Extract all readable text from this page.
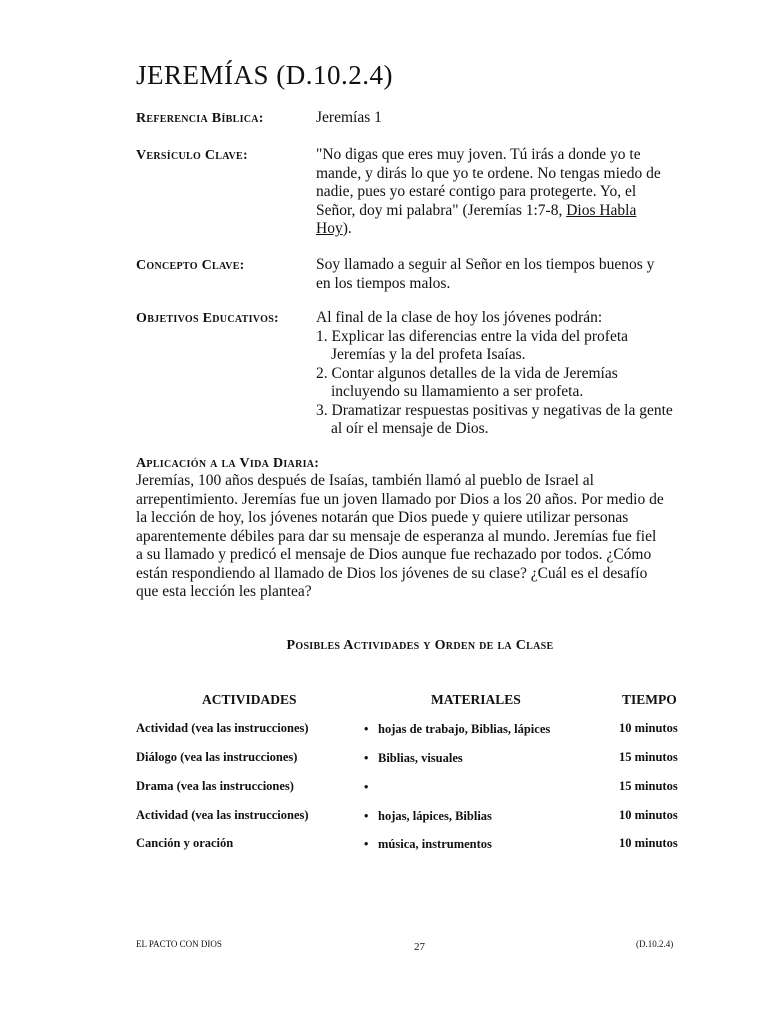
JEREMÍAS (D.10.2.4)
Referencia Bíblica:	Jeremías 1
Versículo Clave:	"No digas que eres muy joven. Tú irás a donde yo te
mande, y dirás lo que yo te ordene. No tengas miedo de
nadie, pues yo estaré contigo para protegerte. Yo, el
Señor, doy mi palabra" (Jeremías 1:7-8, Dios Habla
Hoy).
Concepto Clave:	Soy llamado a seguir al Señor en los tiempos buenos y
en los tiempos malos.
Objetivos Educativos: Al final de la clase de hoy los jóvenes podrán:
1. Explicar las diferencias entre la vida del profeta
Jeremías y la del profeta Isaías.
2. Contar algunos detalles de la vida de Jeremías
incluyendo su llamamiento a ser profeta.
3. Dramatizar respuestas positivas y negativas de la gente
al oír el mensaje de Dios.
Aplicación a la Vida Diaria:
Jeremías, 100 años después de Isaías, también llamó al pueblo de Israel al
arrepentimiento. Jeremías fue un joven llamado por Dios a los 20 años. Por medio de
la lección de hoy, los jóvenes notarán que Dios puede y quiere utilizar personas
aparentemente débiles para dar su mensaje de esperanza al mundo. Jeremías fue fiel
a su llamado y predicó el mensaje de Dios aunque fue rechazado por todos. ¿Cómo
están respondiendo al llamado de Dios los jóvenes de su clase? ¿Cuál es el desafío
que esta lección les plantea?
Posibles Actividades y Orden de la Clase
ACTIVIDADES	MATERIALES	TIEMPO
Actividad (vea las instrucciones)	• hojas de trabajo, Biblias, lápices	10 minutos
Diálogo (vea las instrucciones)	• Biblias, visuales	15 minutos
Drama (vea las instrucciones)	•	15 minutos
Actividad (vea las instrucciones)	• hojas, lápices, Biblias	10 minutos
Canción y oración	• música, instrumentos	10 minutos
EL PACTO CON DIOS	27	(D.10.2.4)
